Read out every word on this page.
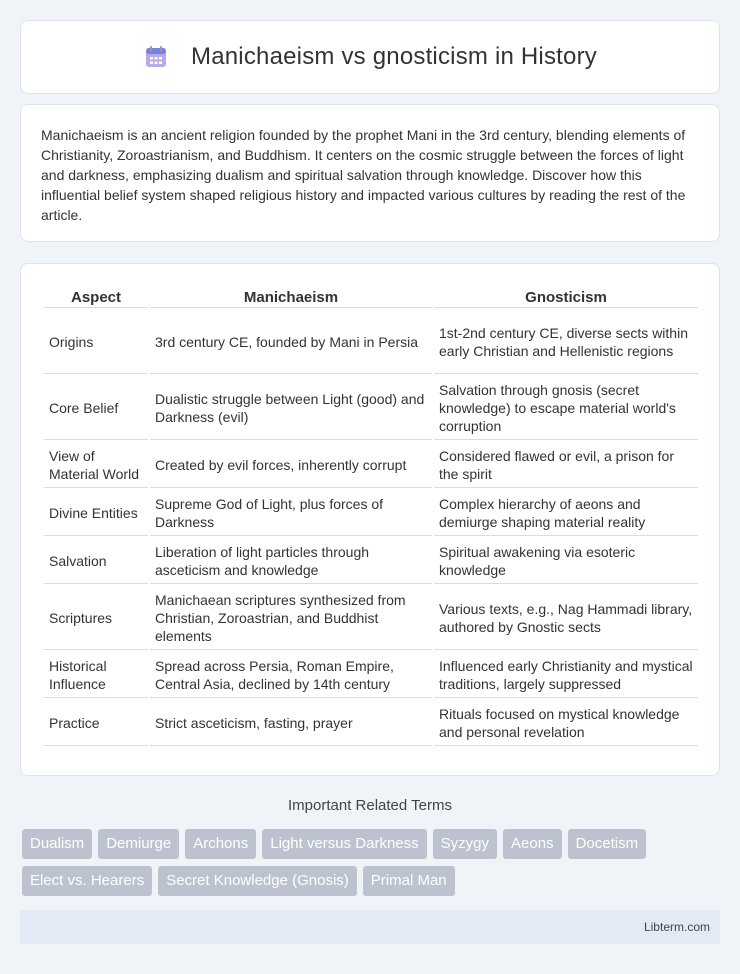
Manichaeism vs gnosticism in History

Manichaeism is an ancient religion founded by the prophet Mani in the 3rd century, blending elements of Christianity, Zoroastrianism, and Buddhism. It centers on the cosmic struggle between the forces of light and darkness, emphasizing dualism and spiritual salvation through knowledge. Discover how this influential belief system shaped religious history and impacted various cultures by reading the rest of the article.

Aspect	Manichaeism	Gnosticism
Origins	3rd century CE, founded by Mani in Persia	1st-2nd century CE, diverse sects within early Christian and Hellenistic regions
Core Belief	Dualistic struggle between Light (good) and Darkness (evil)	Salvation through gnosis (secret knowledge) to escape material world's corruption
View of Material World	Created by evil forces, inherently corrupt	Considered flawed or evil, a prison for the spirit
Divine Entities	Supreme God of Light, plus forces of Darkness	Complex hierarchy of aeons and demiurge shaping material reality
Salvation	Liberation of light particles through asceticism and knowledge	Spiritual awakening via esoteric knowledge
Scriptures	Manichaean scriptures synthesized from Christian, Zoroastrian, and Buddhist elements	Various texts, e.g., Nag Hammadi library, authored by Gnostic sects
Historical Influence	Spread across Persia, Roman Empire, Central Asia, declined by 14th century	Influenced early Christianity and mystical traditions, largely suppressed
Practice	Strict asceticism, fasting, prayer	Rituals focused on mystical knowledge and personal revelation
Important Related Terms
Dualism	Demiurge	Archons	Light versus Darkness	Syzygy	Aeons	Docetism
Elect vs. Hearers	Secret Knowledge (Gnosis)	Primal Man
Libterm.com
